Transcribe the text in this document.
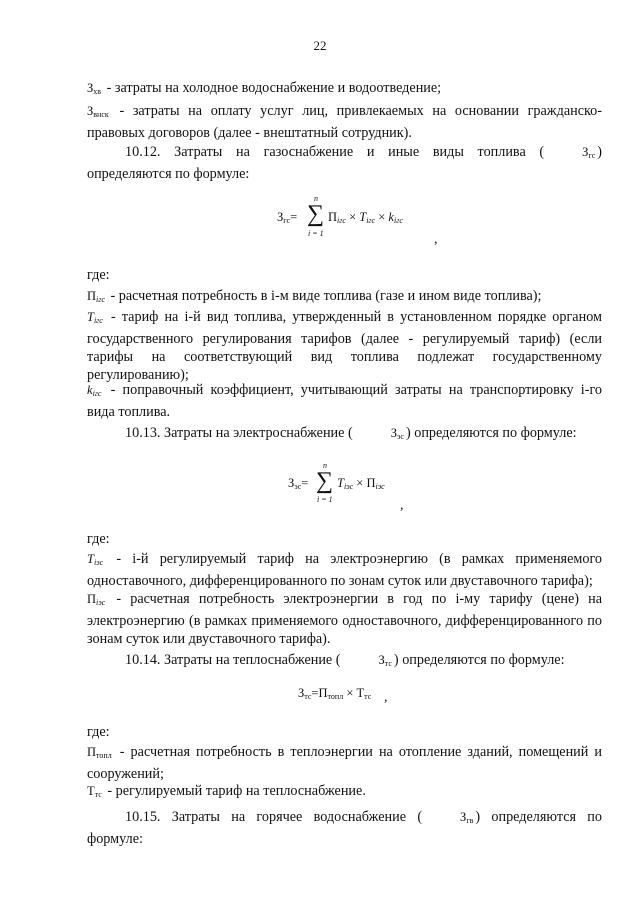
22
$З_{хв}$ - затраты на холодное водоснабжение и водоотведение;
$З_{внск}$ - затраты на оплату услуг лиц, привлекаемых на основании гражданско-правовых договоров (далее - внештатный сотрудник).
10.12. Затраты на газоснабжение и иные виды топлива (	$З_{гс}$ ) определяются по формуле:
$З_{гс}=$
n
∑
i = 1
$П_{iгс} \times T_{iгс} \times k_{iгс}$
,
где:
$П_{iгс}$ - расчетная потребность в i-м виде топлива (газе и ином виде топлива);
$T_{iгс}$ - тариф на i-й вид топлива, утвержденный в установленном порядке органом государственного регулирования тарифов (далее - регулируемый тариф) (если тарифы на соответствующий вид топлива подлежат государственному регулированию);
$k_{iгс}$ - поправочный коэффициент, учитывающий затраты на транспортировку i-го вида топлива.
10.13. Затраты на электроснабжение (	$З_{эс}$ ) определяются по формуле:
$З_{эс}=$
n
∑
i = 1
$T_{iэс} \times П_{iэс}$
,
где:
$T_{iэс} - i-й$ регулируемый тариф на электроэнергию (в рамках применяемого одноставочного, дифференцированного по зонам суток или двуставочного тарифа);
$П_{iэс}$ - расчетная потребность электроэнергии в год по i-му тарифу (цене) на электроэнергию (в рамках применяемого одноставочного, дифференцированного по зонам суток или двуставочного тарифа).
10.14. Затраты на теплоснабжение (	$З_{тс}$ ) определяются по формуле:
$З_{тс}=П_{топл} \times Т_{тс}$ ,
где:
$П_{топл}$ - расчетная потребность в теплоэнергии на отопление зданий, помещений и сооружений;
$Т_{тс}$ - регулируемый тариф на теплоснабжение.
10.15. Затраты на горячее водоснабжение (	$З_{гв}$ ) определяются по формуле:
